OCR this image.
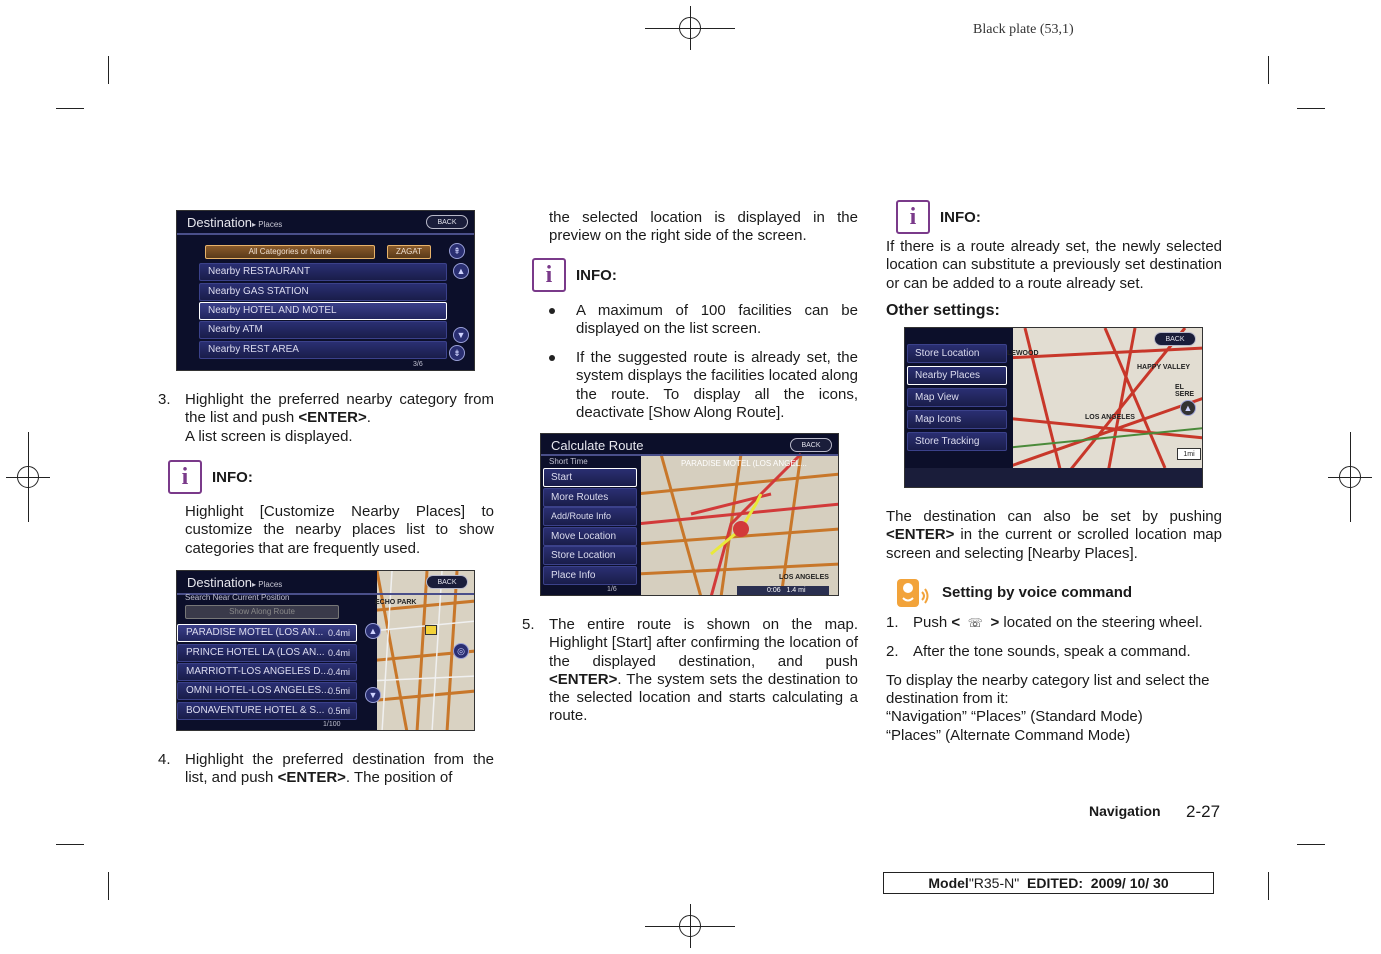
Black plate (53,1)
Destination▸ Places	BACK
All Categories or Name	ZAGAT
Nearby RESTAURANT
Nearby GAS STATION
Nearby HOTEL AND MOTEL
Nearby ATM
Nearby REST AREA
⇞
▲
▼
⇟
3/6
3. Highlight the preferred nearby category from the list and push <ENTER>.
A list screen is displayed.
i	INFO:
Highlight [Customize Nearby Places] to customize the nearby places list to show categories that are frequently used.
Destination▸ Places	BACK
Search Near Current Position
Show Along Route
PARADISE MOTEL (LOS AN... 0.4mi
PRINCE HOTEL LA (LOS AN... 0.4mi
MARRIOTT-LOS ANGELES D... 0.4mi
OMNI HOTEL-LOS ANGELES...
0.5mi
BONAVENTURE HOTEL & S... 0.5mi
▲
▼
◎
ECHO PARK
1/100
4. Highlight the preferred destination from the list, and push <ENTER>. The position of
the selected location is displayed in the preview on the right side of the screen.
i	INFO:
A maximum of 100 facilities can be displayed on the list screen.
If the suggested route is already set, the system displays the facilities located along the route. To display all the icons, deactivate [Show Along Route].
Calculate Route	BACK
Short Time	PARADISE MOTEL (LOS ANGEL...
Start
More Routes
Add/Route Info
Move Location
Store Location
Place Info
1/6	0:06 1.4 mi
LOS ANGELES
5. The entire route is shown on the map. Highlight [Start] after confirming the location of the displayed destination, and push <ENTER>. The system sets the destination to the selected location and starts calculating a route.
i	INFO:
If there is a route already set, the newly selected location can substitute a previously set destination or can be added to a route already set.
Other settings:
BACK
Store Location
Nearby Places
Map View
Map Icons
Store Tracking
LEWOOD
HAPPY VALLEY
EL SERE
LOS ANGELES
▲
1mi
The destination can also be set by pushing <ENTER> in the current or scrolled location map screen and selecting [Nearby Places].
Setting by voice command
1. Push < ☏ > located on the steering wheel.
2. After the tone sounds, speak a command.
To display the nearby category list and select the destination from it:
“Navigation” “Places” (Standard Mode)
“Places” (Alternate Command Mode)
Navigation 2-27
Model "R35-N" EDITED:  2009/ 10/ 30
